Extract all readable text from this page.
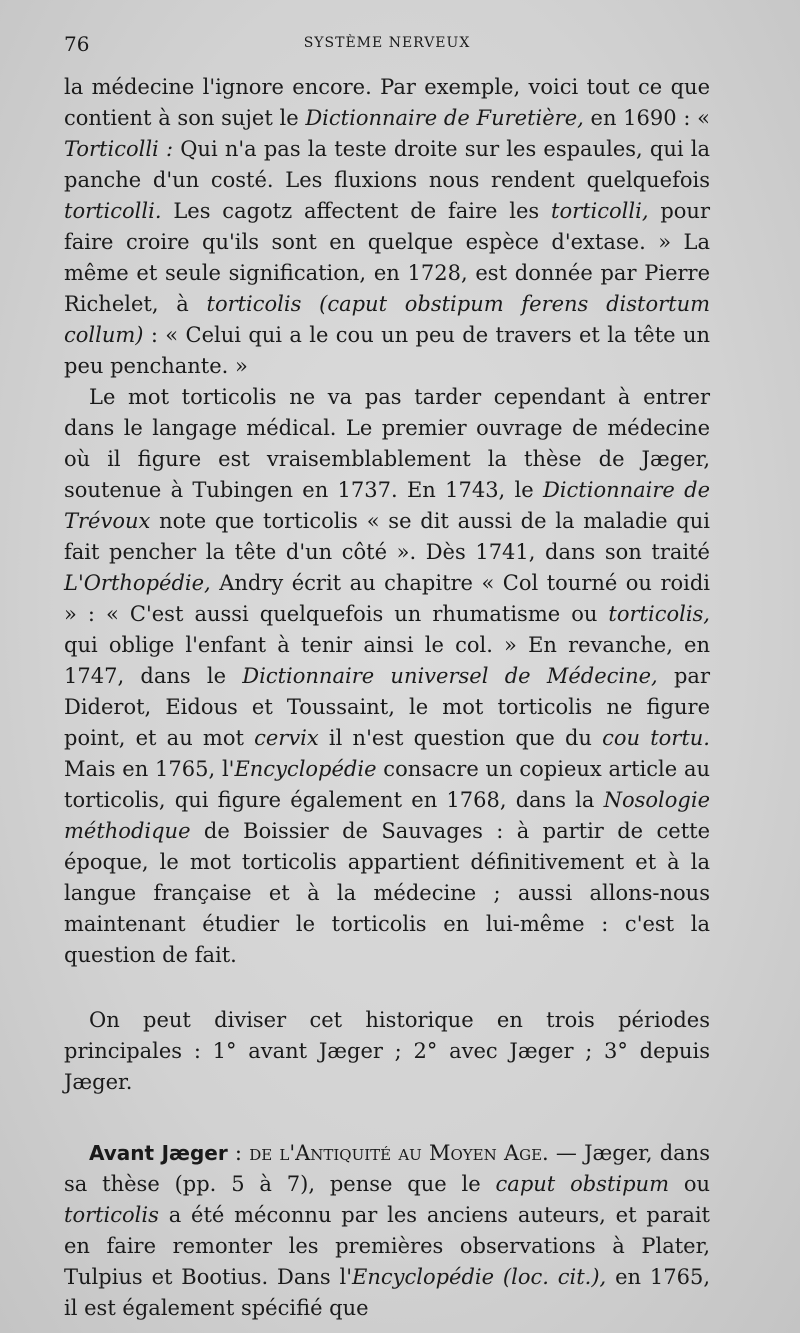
76	SYSTÈME NERVEUX

la médecine l'ignore encore. Par exemple, voici tout ce que contient à son sujet le Dictionnaire de Furetière, en 1690 : « Torticolli : Qui n'a pas la teste droite sur les espaules, qui la panche d'un costé. Les fluxions nous rendent quelquefois torticolli. Les cagotz affectent de faire les torticolli, pour faire croire qu'ils sont en quelque espèce d'extase. » La même et seule signification, en 1728, est donnée par Pierre Richelet, à torticolis (caput obstipum ferens distortum collum) : « Celui qui a le cou un peu de travers et la tête un peu penchante. »

Le mot torticolis ne va pas tarder cependant à entrer dans le langage médical. Le premier ouvrage de médecine où il figure est vraisemblablement la thèse de Jæger, soutenue à Tubingen en 1737. En 1743, le Dictionnaire de Trévoux note que torticolis « se dit aussi de la maladie qui fait pencher la tête d'un côté ». Dès 1741, dans son traité L'Orthopédie, Andry écrit au chapitre « Col tourné ou roidi » : « C'est aussi quelquefois un rhumatisme ou torticolis, qui oblige l'enfant à tenir ainsi le col. » En revanche, en 1747, dans le Dictionnaire universel de Médecine, par Diderot, Eidous et Toussaint, le mot torticolis ne figure point, et au mot cervix il n'est question que du cou tortu. Mais en 1765, l'Encyclopédie consacre un copieux article au torticolis, qui figure également en 1768, dans la Nosologie méthodique de Boissier de Sauvages : à partir de cette époque, le mot torticolis appartient définitivement et à la langue française et à la médecine ; aussi allons-nous maintenant étudier le torticolis en lui-même : c'est la question de fait.

On peut diviser cet historique en trois périodes principales : 1° avant Jæger ; 2° avec Jæger ; 3° depuis Jæger.

Avant Jæger : de l'Antiquité au Moyen Age. — Jæger, dans sa thèse (pp. 5 à 7), pense que le caput obstipum ou torticolis a été méconnu par les anciens auteurs, et parait en faire remonter les premières observations à Plater, Tulpius et Bootius. Dans l'Encyclopédie (loc. cit.), en 1765, il est également spécifié que
